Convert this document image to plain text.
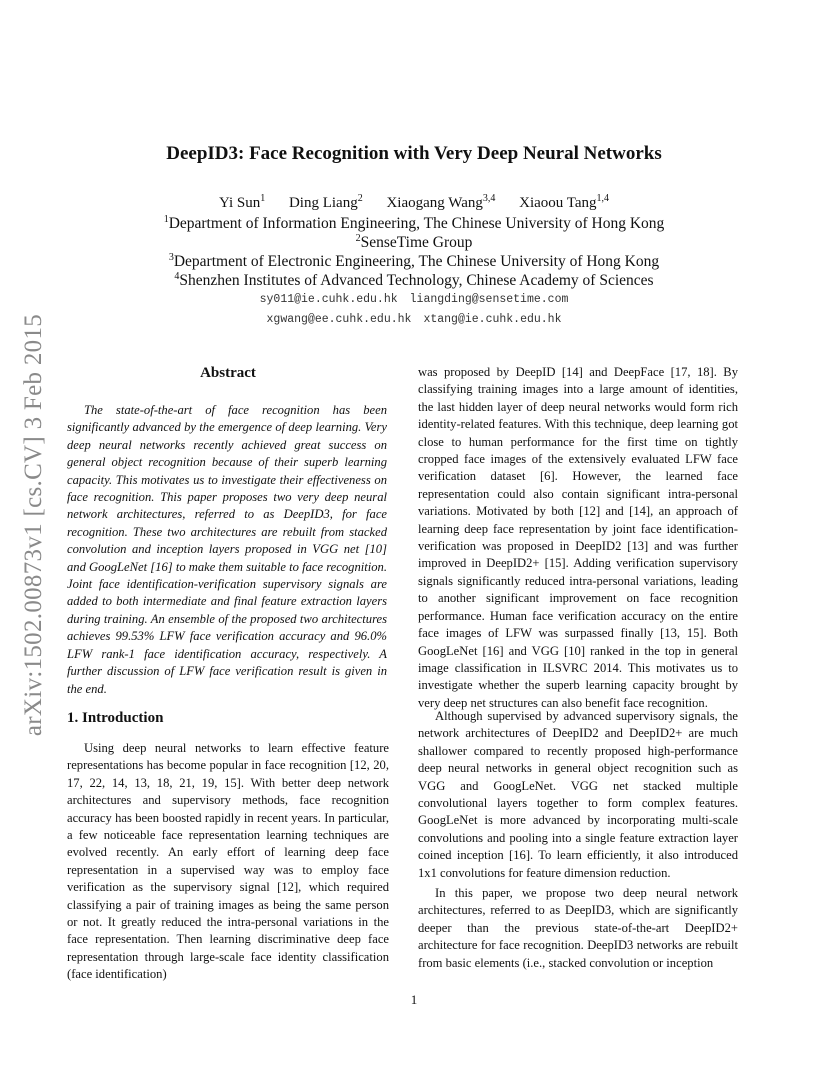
arXiv:1502.00873v1 [cs.CV] 3 Feb 2015
DeepID3: Face Recognition with Very Deep Neural Networks
Yi Sun$^1$ Ding Liang$^2$ Xiaogang Wang$^{3,4}$ Xiaoou Tang$^{1,4}$
$^1$Department of Information Engineering, The Chinese University of Hong Kong
$^2$SenseTime Group
$^3$Department of Electronic Engineering, The Chinese University of Hong Kong
$^4$Shenzhen Institutes of Advanced Technology, Chinese Academy of Sciences
sy011@ie.cuhk.edu.hk liangding@sensetime.com
xgwang@ee.cuhk.edu.hk xtang@ie.cuhk.edu.hk
Abstract
The state-of-the-art of face recognition has been significantly advanced by the emergence of deep learning. Very deep neural networks recently achieved great success on general object recognition because of their superb learning capacity. This motivates us to investigate their effectiveness on face recognition. This paper proposes two very deep neural network architectures, referred to as DeepID3, for face recognition. These two architectures are rebuilt from stacked convolution and inception layers proposed in VGG net [10] and GoogLeNet [16] to make them suitable to face recognition. Joint face identification-verification supervisory signals are added to both intermediate and final feature extraction layers during training. An ensemble of the proposed two architectures achieves 99.53% LFW face verification accuracy and 96.0% LFW rank-1 face identification accuracy, respectively. A further discussion of LFW face verification result is given in the end.
1. Introduction
Using deep neural networks to learn effective feature representations has become popular in face recognition [12, 20, 17, 22, 14, 13, 18, 21, 19, 15]. With better deep network architectures and supervisory methods, face recognition accuracy has been boosted rapidly in recent years. In particular, a few noticeable face representation learning techniques are evolved recently. An early effort of learning deep face representation in a supervised way was to employ face verification as the supervisory signal [12], which required classifying a pair of training images as being the same person or not. It greatly reduced the intra-personal variations in the face representation. Then learning discriminative deep face representation through large-scale face identity classification (face identification)
was proposed by DeepID [14] and DeepFace [17, 18]. By classifying training images into a large amount of identities, the last hidden layer of deep neural networks would form rich identity-related features. With this technique, deep learning got close to human performance for the first time on tightly cropped face images of the extensively evaluated LFW face verification dataset [6]. However, the learned face representation could also contain significant intra-personal variations. Motivated by both [12] and [14], an approach of learning deep face representation by joint face identification-verification was proposed in DeepID2 [13] and was further improved in DeepID2+ [15]. Adding verification supervisory signals significantly reduced intra-personal variations, leading to another significant improvement on face recognition performance. Human face verification accuracy on the entire face images of LFW was surpassed finally [13, 15]. Both GoogLeNet [16] and VGG [10] ranked in the top in general image classification in ILSVRC 2014. This motivates us to investigate whether the superb learning capacity brought by very deep net structures can also benefit face recognition.
Although supervised by advanced supervisory signals, the network architectures of DeepID2 and DeepID2+ are much shallower compared to recently proposed high-performance deep neural networks in general object recognition such as VGG and GoogLeNet. VGG net stacked multiple convolutional layers together to form complex features. GoogLeNet is more advanced by incorporating multi-scale convolutions and pooling into a single feature extraction layer coined inception [16]. To learn efficiently, it also introduced 1x1 convolutions for feature dimension reduction.
In this paper, we propose two deep neural network architectures, referred to as DeepID3, which are significantly deeper than the previous state-of-the-art DeepID2+ architecture for face recognition. DeepID3 networks are rebuilt from basic elements (i.e., stacked convolution or inception
1
